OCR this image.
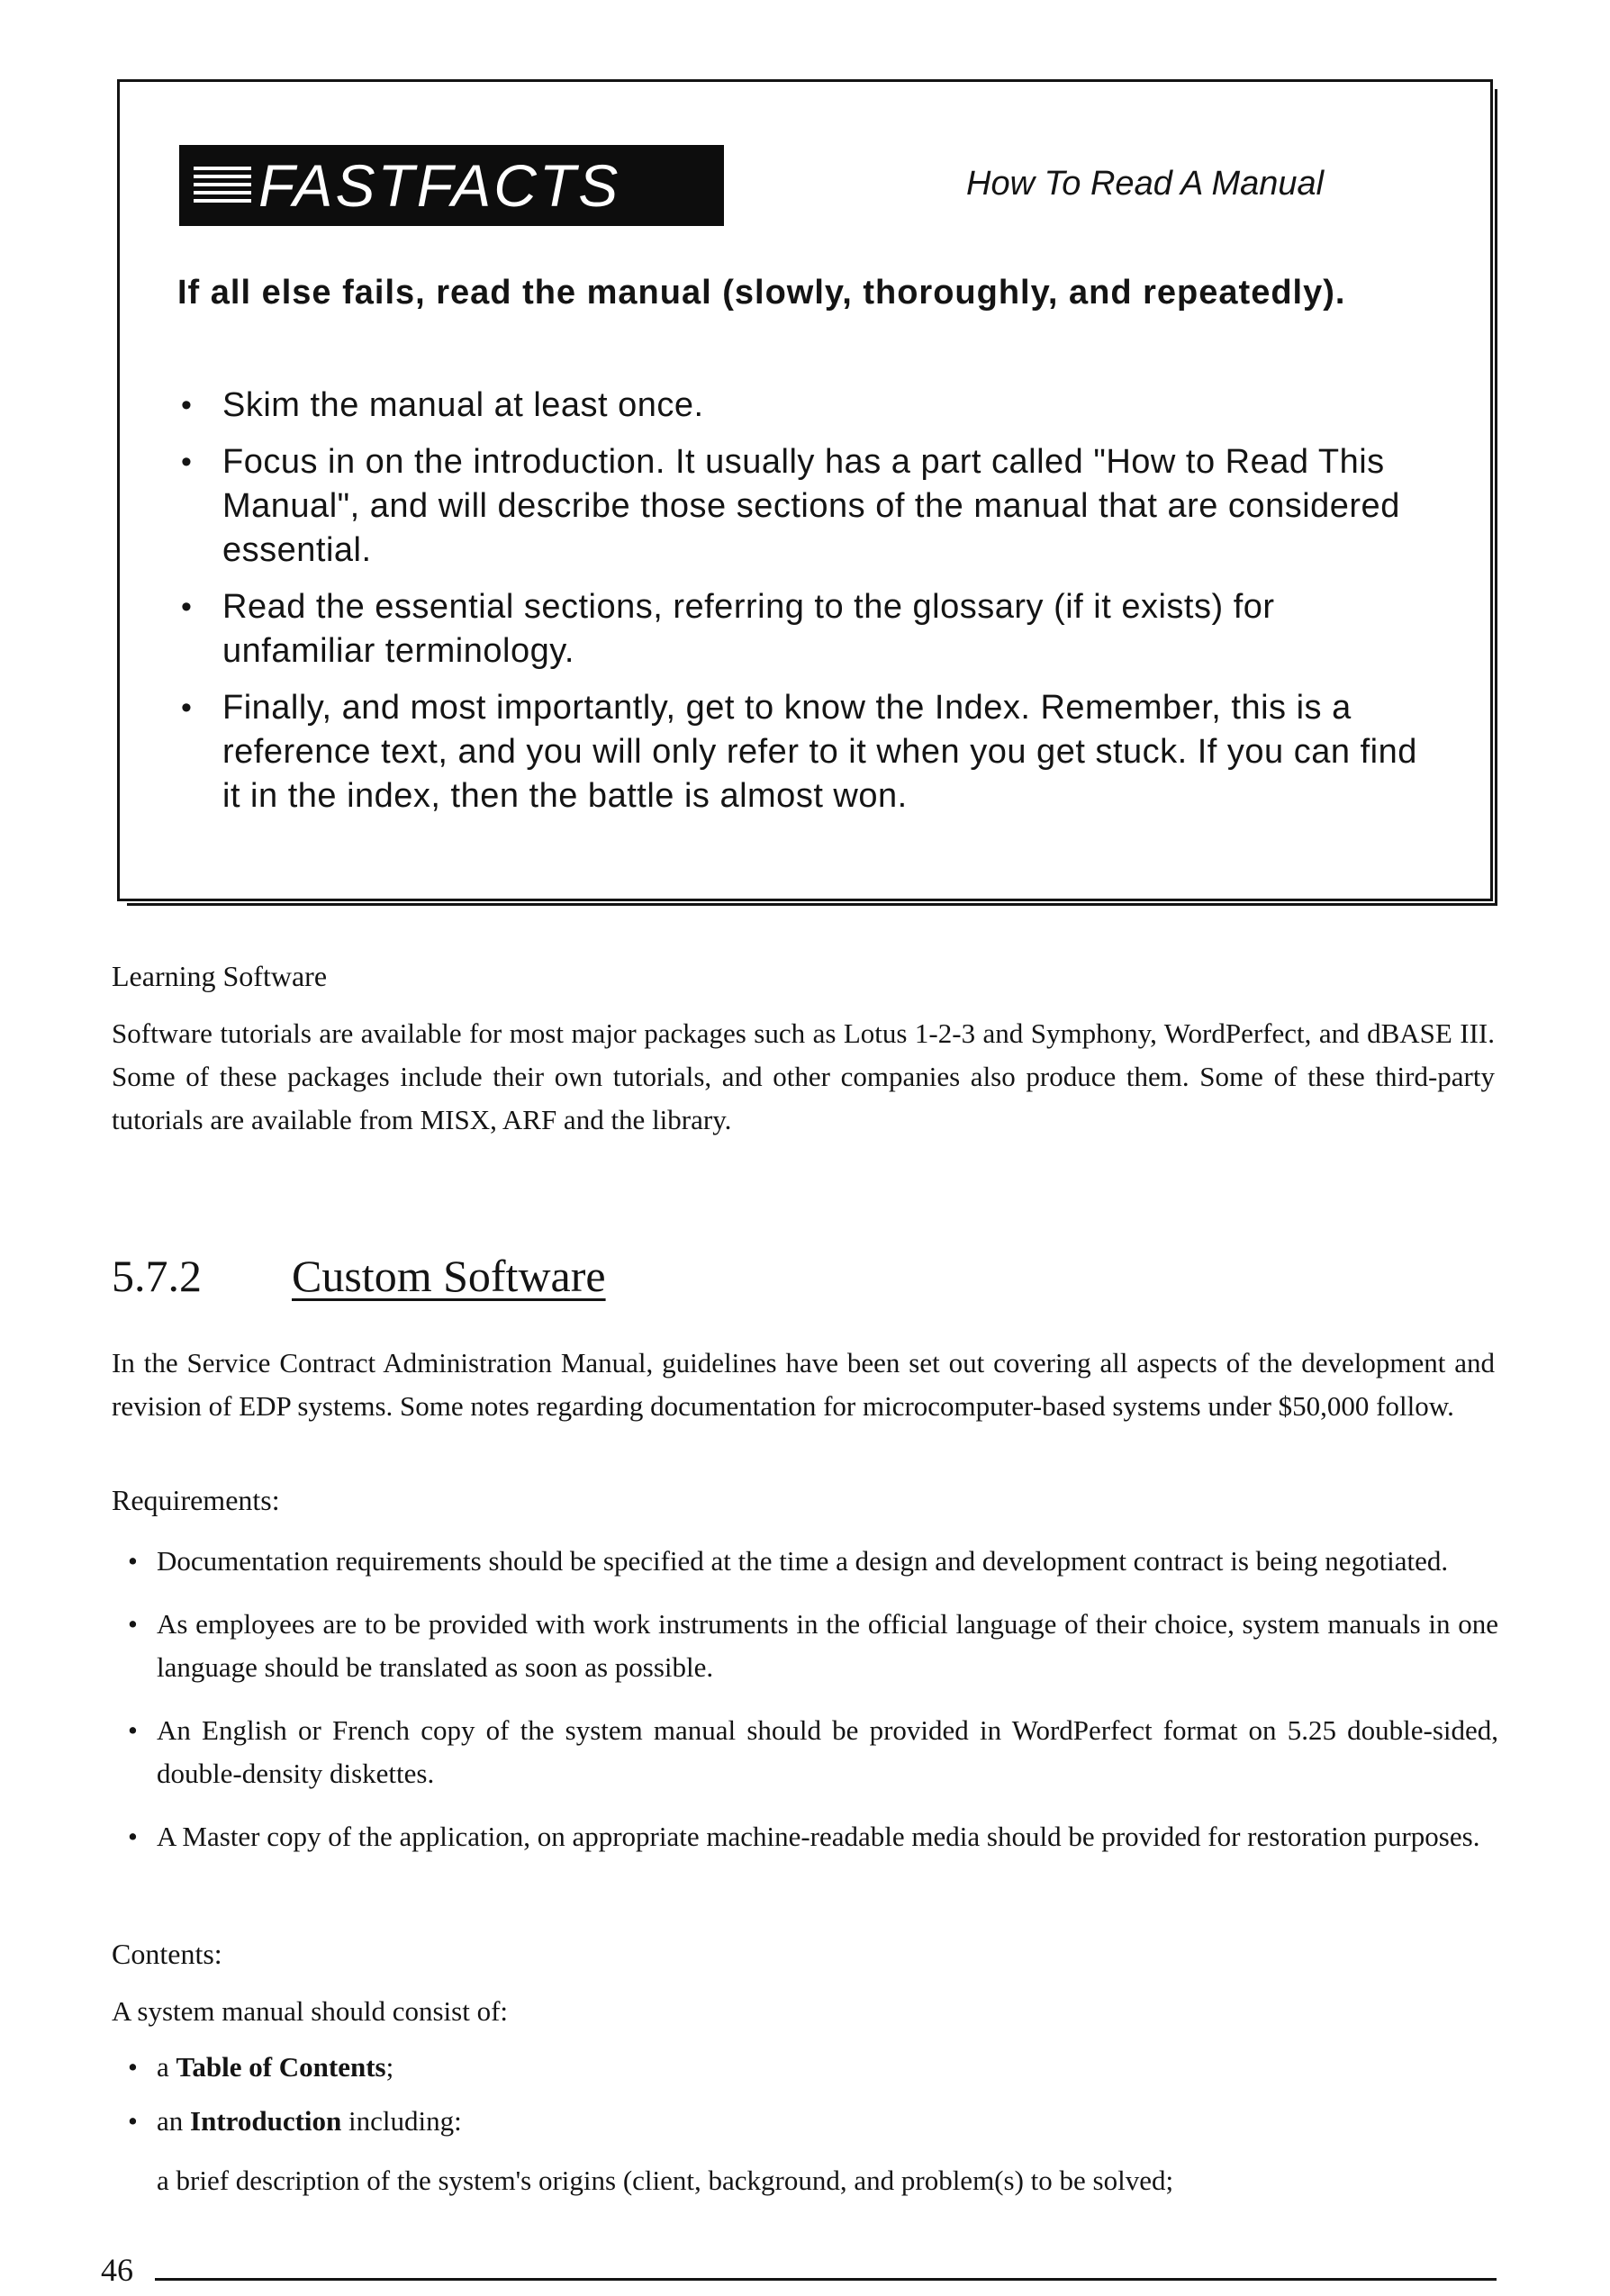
FASTFACTS	How To Read A Manual

If all else fails, read the manual (slowly, thoroughly, and repeatedly).

• Skim the manual at least once.
• Focus in on the introduction. It usually has a part called "How to Read This Manual", and will describe those sections of the manual that are considered essential.
• Read the essential sections, referring to the glossary (if it exists) for unfamiliar terminology.
• Finally, and most importantly, get to know the Index. Remember, this is a reference text, and you will only refer to it when you get stuck. If you can find it in the index, then the battle is almost won.

Learning Software

Software tutorials are available for most major packages such as Lotus 1-2-3 and Symphony, WordPerfect, and dBASE III. Some of these packages include their own tutorials, and other companies also produce them. Some of these third-party tutorials are available from MISX, ARF and the library.

5.7.2 Custom Software

In the Service Contract Administration Manual, guidelines have been set out covering all aspects of the development and revision of EDP systems. Some notes regarding documentation for microcomputer-based systems under $50,000 follow.

Requirements:

• Documentation requirements should be specified at the time a design and development contract is being negotiated.
• As employees are to be provided with work instruments in the official language of their choice, system manuals in one language should be translated as soon as possible.
• An English or French copy of the system manual should be provided in WordPerfect format on 5.25 double-sided, double-density diskettes.
• A Master copy of the application, on appropriate machine-readable media should be provided for restoration purposes.

Contents:

A system manual should consist of:

• a Table of Contents;
• an Introduction including:

a brief description of the system's origins (client, background, and problem(s) to be solved;

46
